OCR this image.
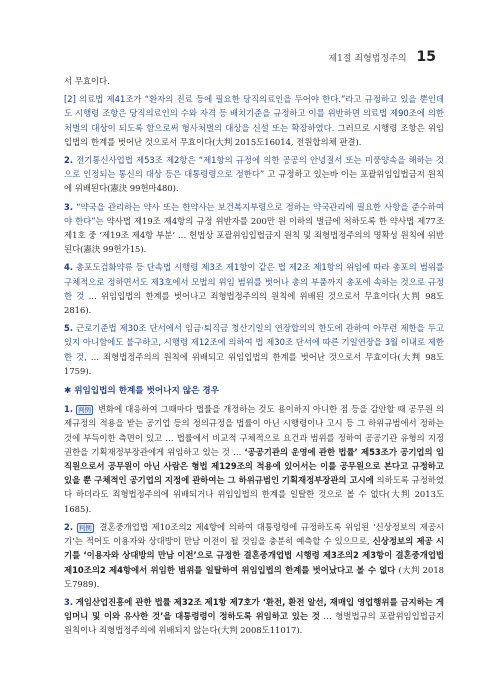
제1절 죄형법정주의 15

서 무효이다.

[2] 의료법 제41조가 “환자의 진료 등에 필요한 당직의료인을 두어야 한다.”라고 규정하고 있을 뿐인데도 시행령 조항은 당직의료인의 수와 자격 등 배치기준을 규정하고 이를 위반하면 의료법 제90조에 의한 처벌의 대상이 되도록 함으로써 형사처벌의 대상을 신설 또는 확장하였다. 그러므로 시행령 조항은 위임입법의 한계를 벗어난 것으로서 무효이다(大判 2015도16014, 전원합의체 판결).

2. 전기통신사업법 제53조 제2항은 “제1항의 규정에 의한 공공의 안녕질서 또는 미풍양속을 해하는 것으로 인정되는 통신의 대상 등은 대통령령으로 정한다” 고 규정하고 있는바 이는 포괄위임입법금지 원칙에 위배된다(憲決 99헌마480).

3. “약국을 관리하는 약사 또는 한약사는 보건복지부령으로 정하는 약국관리에 필요한 사항을 준수하여야 한다”는 약사법 제19조 제4항의 규정 위반자를 200만 원 이하의 벌금에 처하도록 한 약사법 제77조 제1호 중 ‘제19조 제4항 부분’ … 헌법상 포괄위임입법금지 원칙 및 죄형법정주의의 명확성 원칙에 위반된다(憲決 99헌가15).

4. 총포도검화약류 등 단속법 시행령 제3조 제1항이 같은 법 제2조 제1항의 위임에 따라 총포의 범위를 구체적으로 정하면서도 제3호에서 모법의 위임 범위를 벗어나 총의 부품까지 총포에 속하는 것으로 규정한 것 … 위임입법의 한계를 벗어나고 죄형법정주의의 원칙에 위배된 것으로서 무효이다(大判 98도2816).

5. 근로기준법 제30조 단서에서 임금·퇴직금 청산기일의 연장합의의 한도에 관하여 아무런 제한을 두고 있지 아니함에도 불구하고, 시행령 제12조에 의하여 법 제30조 단서에 따른 기일연장을 3월 이내로 제한한 것, … 죄형법정주의의 원칙에 위배되고 위임입법의 한계를 벗어난 것으로서 무효이다(大判 98도1759).

✱ 위임입법의 한계를 벗어나지 않은 경우

1. 判例 변화에 대응하여 그때마다 법률을 개정하는 것도 용이하지 아니한 점 등을 감안할 때 공무원 의제규정의 적용을 받는 공기업 등의 정의규정을 법률이 아닌 시행령이나 고시 등 그 하위규범에서 정하는 것에 부득이한 측면이 있고 … 법률에서 비교적 구체적으로 요건과 범위를 정하여 공공기관 유형의 지정 권한을 기획재정부장관에게 위임하고 있는 것 … ‘공공기관의 운영에 관한 법률’ 제53조가 공기업의 임직원으로서 공무원이 아닌 사람은 형법 제129조의 적용에 있어서는 이를 공무원으로 본다고 규정하고 있을 뿐 구체적인 공기업의 지정에 관하여는 그 하위규범인 기획재정부장관의 고시에 의하도록 규정하였다 하더라도 죄형법정주의에 위배되거나 위임입법의 한계를 일탈한 것으로 볼 수 없다(大判 2013도1685).

2. 判例 결혼중개업법 제10조의2 제4항에 의하여 대통령령에 규정하도록 위임된 ‘신상정보의 제공시기’는 적어도 이용자와 상대방이 만남 이전이 될 것임을 충분히 예측할 수 있으므로, 신상정보의 제공 시기를 ‘이용자와 상대방의 만남 이전’으로 규정한 결혼중개업법 시행령 제3조의2 제3항이 결혼중개업법 제10조의2 제4항에서 위임한 범위를 일탈하여 위임입법의 한계를 벗어났다고 볼 수 없다 (大判 2018도7989).

3. 게임산업진흥에 관한 법률 제32조 제1항 제7호가 ‘환전, 환전 알선, 재매입 영업행위를 금지하는 게임머니 및 이와 유사한 것’을 대통령령이 정하도록 위임하고 있는 것 … 형벌법규의 포괄위임입법금지 원칙이나 죄형법정주의에 위배되지 않는다(大判 2008도11017).
